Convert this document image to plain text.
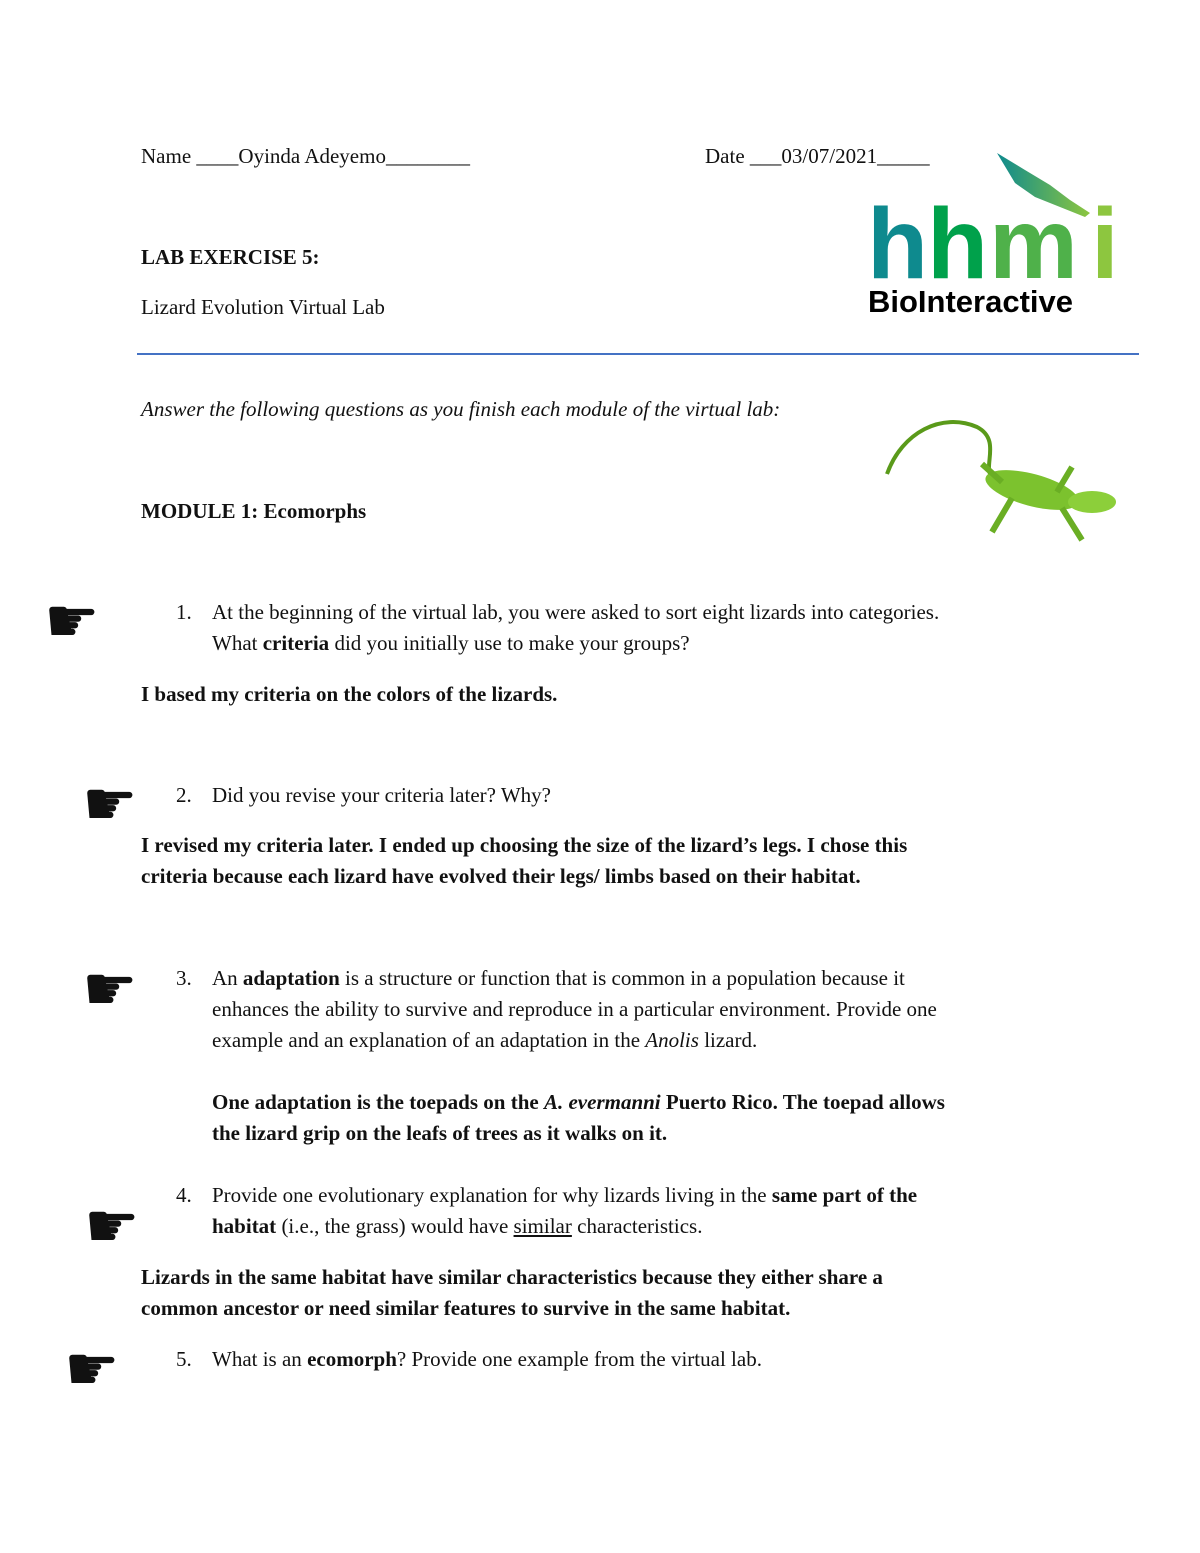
Name ____Oyinda Adeyemo________	Date ___03/07/2021_____
LAB EXERCISE 5:
Lizard Evolution Virtual Lab
h h m i
BioInteractive
Answer the following questions as you finish each module of the virtual lab:
MODULE 1: Ecomorphs
☛	1. At the beginning of the virtual lab, you were asked to sort eight lizards into categories.
What criteria did you initially use to make your groups?
I based my criteria on the colors of the lizards.
☛ 2. Did you revise your criteria later? Why?
I revised my criteria later. I ended up choosing the size of the lizard’s legs. I chose this
criteria because each lizard have evolved their legs/ limbs based on their habitat.
☛ 3. An adaptation is a structure or function that is common in a population because it
enhances the ability to survive and reproduce in a particular environment. Provide one
example and an explanation of an adaptation in the Anolis lizard.
One adaptation is the toepads on the A. evermanni Puerto Rico. The toepad allows
the lizard grip on the leafs of trees as it walks on it.
☛ 4. Provide one evolutionary explanation for why lizards living in the same part of the
habitat (i.e., the grass) would have similar characteristics.
Lizards in the same habitat have similar characteristics because they either share a
common ancestor or need similar features to survive in the same habitat.
☛	5. What is an ecomorph? Provide one example from the virtual lab.
